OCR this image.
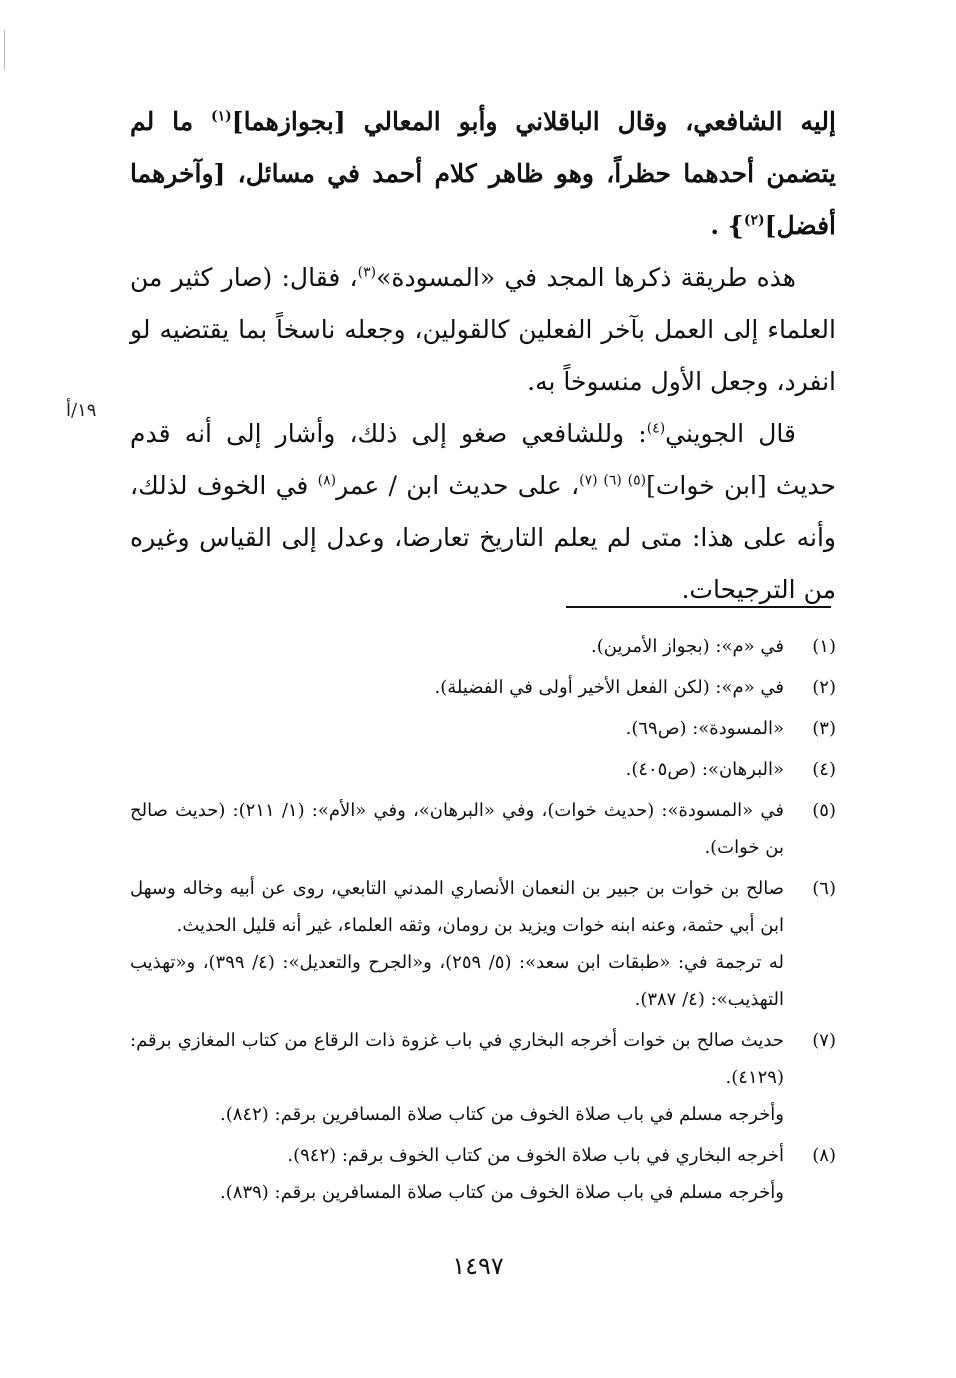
إليه الشافعي، وقال الباقلاني وأبو المعالي [بجوازهما]$^{(١)}$ ما لم يتضمن أحدهما حظراً، وهو ظاهر كلام أحمد في مسائل، [وآخرهما أفضل]$^{(٢)}$} .

هذه طريقة ذكرها المجد في «المسودة»$^{(٣)}$، فقال: (صار كثير من العلماء إلى العمل بآخر الفعلين كالقولين، وجعله ناسخاً بما يقتضيه لو انفرد، وجعل الأول منسوخاً به.

قال الجويني$^{(٤)}$: وللشافعي صغو إلى ذلك، وأشار إلى أنه قدم حديث [ابن خوات]$^{(٥) (٦) (٧)}$، على حديث ابن / عمر$^{(٨)}$ في الخوف لذلك، وأنه على هذا: متى لم يعلم التاريخ تعارضا، وعدل إلى القياس وغيره من الترجيحات.

١٩/أ
(١)
في «م»: (بجواز الأمرين).
(٢)
في «م»: (لكن الفعل الأخير أولى في الفضيلة).
(٣)
«المسودة»: (ص٦٩).
(٤)
«البرهان»: (ص٤٠٥).
(٥)
في «المسودة»: (حديث خوات)، وفي «البرهان»، وفي «الأم»: (١/ ٢١١): (حديث صالح بن خوات).
(٦)
صالح بن خوات بن جبير بن النعمان الأنصاري المدني التابعي، روى عن أبيه وخاله وسهل ابن أبي حثمة، وعنه ابنه خوات ويزيد بن رومان، وثقه العلماء، غير أنه قليل الحديث.
له ترجمة في: «طبقات ابن سعد»: (٥/ ٢٥٩)، و«الجرح والتعديل»: (٤/ ٣٩٩)، و«تهذيب التهذيب»: (٤/ ٣٨٧).
(٧)
حديث صالح بن خوات أخرجه البخاري في باب غزوة ذات الرقاع من كتاب المغازي برقم: (٤١٢٩).
وأخرجه مسلم في باب صلاة الخوف من كتاب صلاة المسافرين برقم: (٨٤٢).
(٨)
أخرجه البخاري في باب صلاة الخوف من كتاب الخوف برقم: (٩٤٢).
وأخرجه مسلم في باب صلاة الخوف من كتاب صلاة المسافرين برقم: (٨٣٩).
١٤٩٧
